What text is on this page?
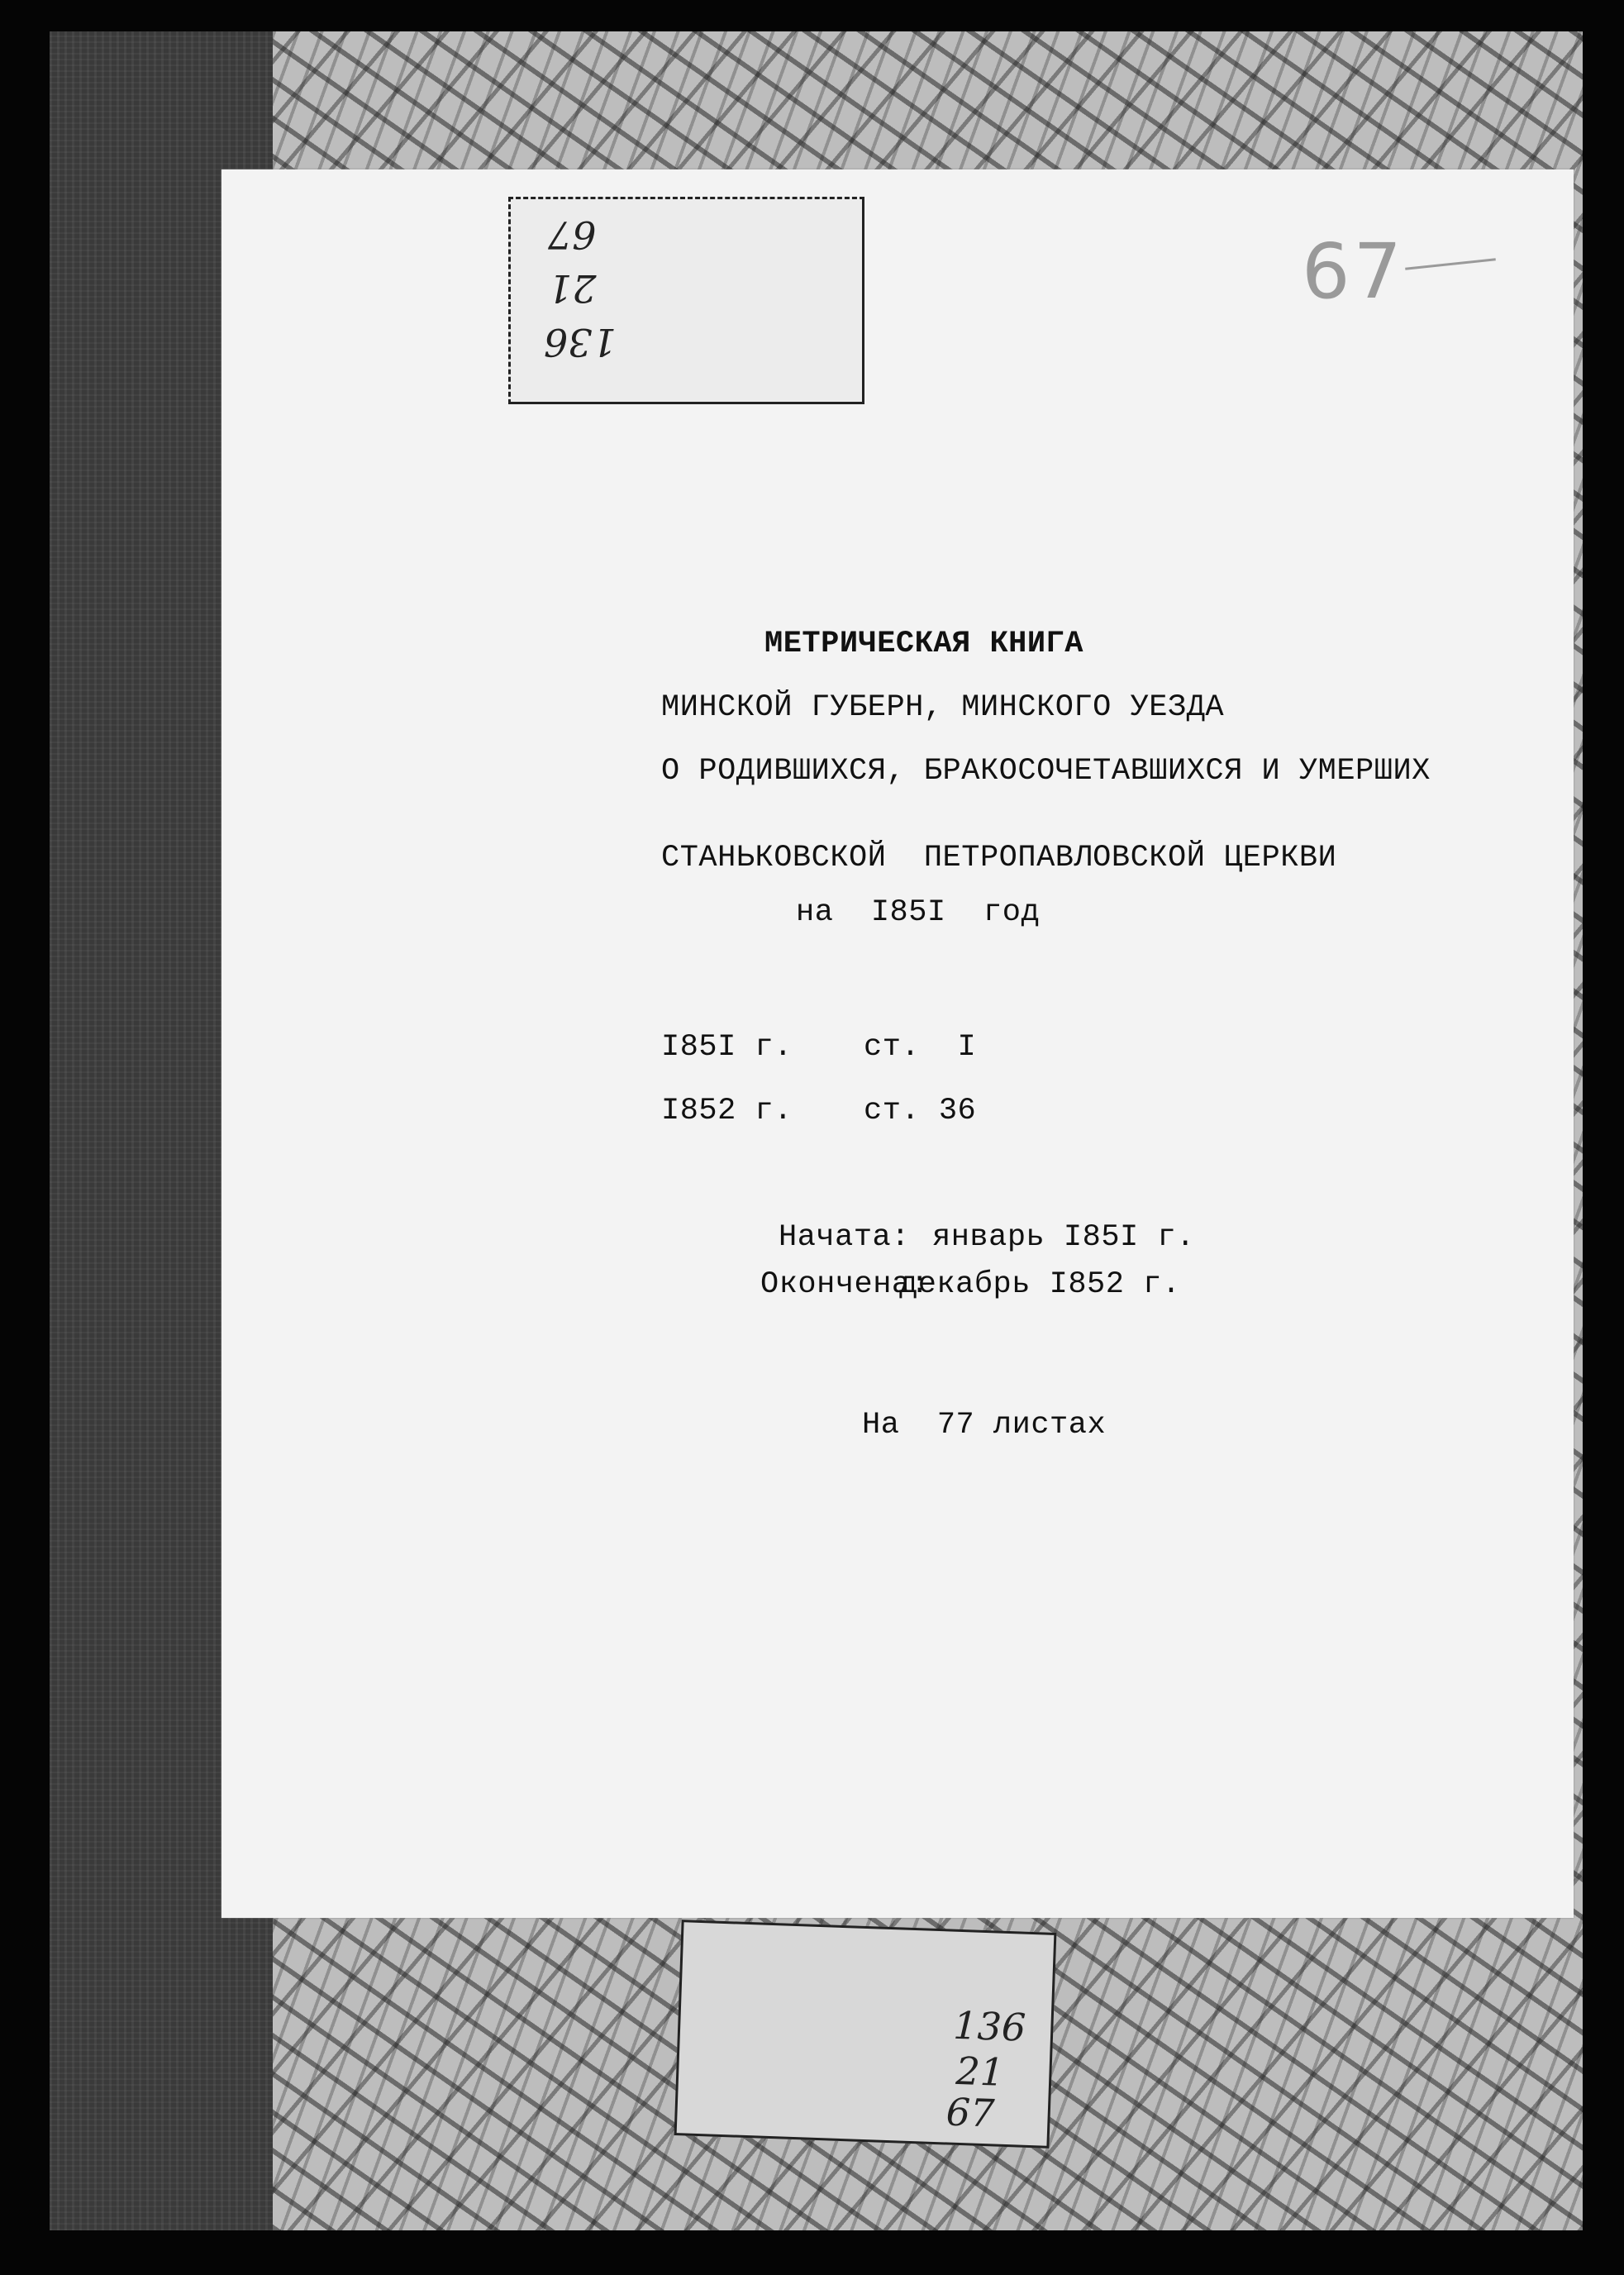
136
21
67	67
МЕТРИЧЕСКАЯ КНИГА
МИНСКОЙ ГУБЕРН, МИНСКОГО УЕЗДА
О РОДИВШИХСЯ, БРАКОСОЧЕТАВШИХСЯ И УМЕРШИХ
СТАНЬКОВСКОЙ  ПЕТРОПАВЛОВСКОЙ ЦЕРКВИ
на  I85I  год
I85I г. ст.  I
I852 г. ст. 36
Начата: январь I85I г.
Окончена:
декабрь I852 г.
На  77 листах
136
21
67
